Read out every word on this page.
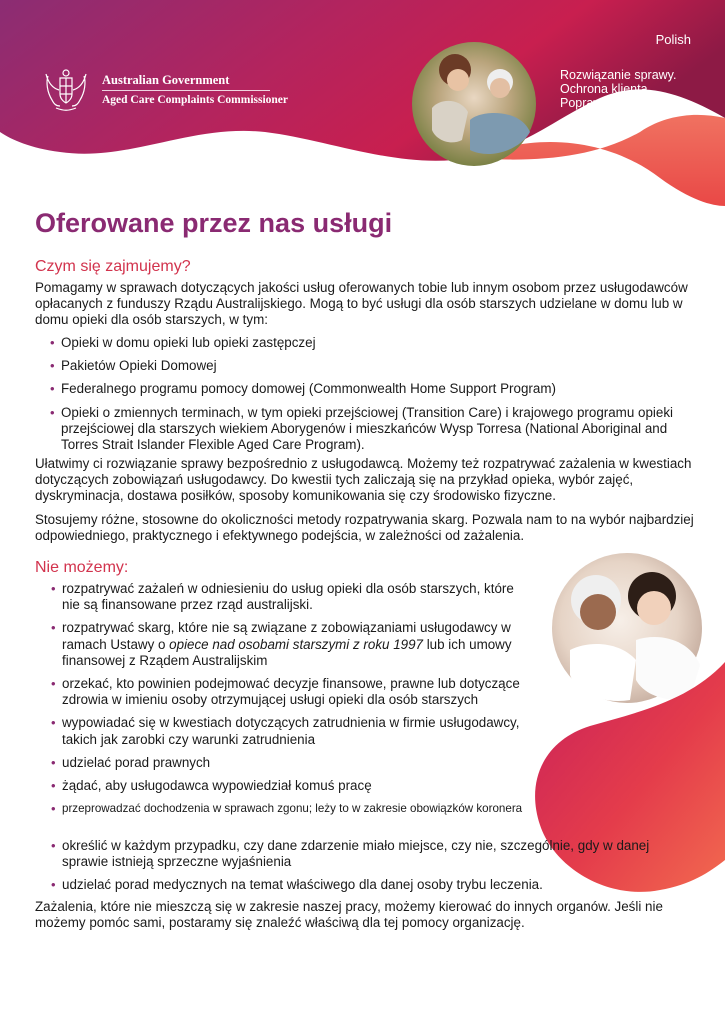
Australian Government
Aged Care Complaints Commissioner
Polish
Rozwiązanie sprawy.
Ochrona klienta.
Poprawa systemu.
Oferowane przez nas usługi
Czym się zajmujemy?
Pomagamy w sprawach dotyczących jakości usług oferowanych tobie lub innym osobom przez usługodawców opłacanych z funduszy Rządu Australijskiego. Mogą to być usługi dla osób starszych udzielane w domu lub w domu opieki dla osób starszych, w tym:
• Opieki w domu opieki lub opieki zastępczej
• Pakietów Opieki Domowej
• Federalnego programu pomocy domowej (Commonwealth Home Support Program)
• Opieki o zmiennych terminach, w tym opieki przejściowej (Transition Care) i krajowego programu opieki przejściowej dla starszych wiekiem Aborygenów i mieszkańców Wysp Torresa (National Aboriginal and Torres Strait Islander Flexible Aged Care Program).
Ułatwimy ci rozwiązanie sprawy bezpośrednio z usługodawcą. Możemy też rozpatrywać zażalenia w kwestiach dotyczących zobowiązań usługodawcy. Do kwestii tych zaliczają się na przykład opieka, wybór zajęć, dyskryminacja, dostawa posiłków, sposoby komunikowania się czy środowisko fizyczne.
Stosujemy różne, stosowne do okoliczności metody rozpatrywania skarg. Pozwala nam to na wybór najbardziej odpowiedniego, praktycznego i efektywnego podejścia, w zależności od zażalenia.
Nie możemy:
• rozpatrywać zażaleń w odniesieniu do usług opieki dla osób starszych, które nie są finansowane przez rząd australijski.
• rozpatrywać skarg, które nie są związane z zobowiązaniami usługodawcy w ramach Ustawy o opiece nad osobami starszymi z roku 1997 lub ich umowy finansowej z Rządem Australijskim
• orzekać, kto powinien podejmować decyzje finansowe, prawne lub dotyczące zdrowia w imieniu osoby otrzymującej usługi opieki dla osób starszych
• wypowiadać się w kwestiach dotyczących zatrudnienia w firmie usługodawcy, takich jak zarobki czy warunki zatrudnienia
• udzielać porad prawnych
• żądać, aby usługodawca wypowiedział komuś pracę
• przeprowadzać dochodzenia w sprawach zgonu; leży to w zakresie obowiązków koronera
• określić w każdym przypadku, czy dane zdarzenie miało miejsce, czy nie, szczególnie, gdy w danej sprawie istnieją sprzeczne wyjaśnienia
• udzielać porad medycznych na temat właściwego dla danej osoby trybu leczenia.
Zażalenia, które nie mieszczą się w zakresie naszej pracy, możemy kierować do innych organów. Jeśli nie możemy pomóc sami, postaramy się znaleźć właściwą dla tej pomocy organizację.
